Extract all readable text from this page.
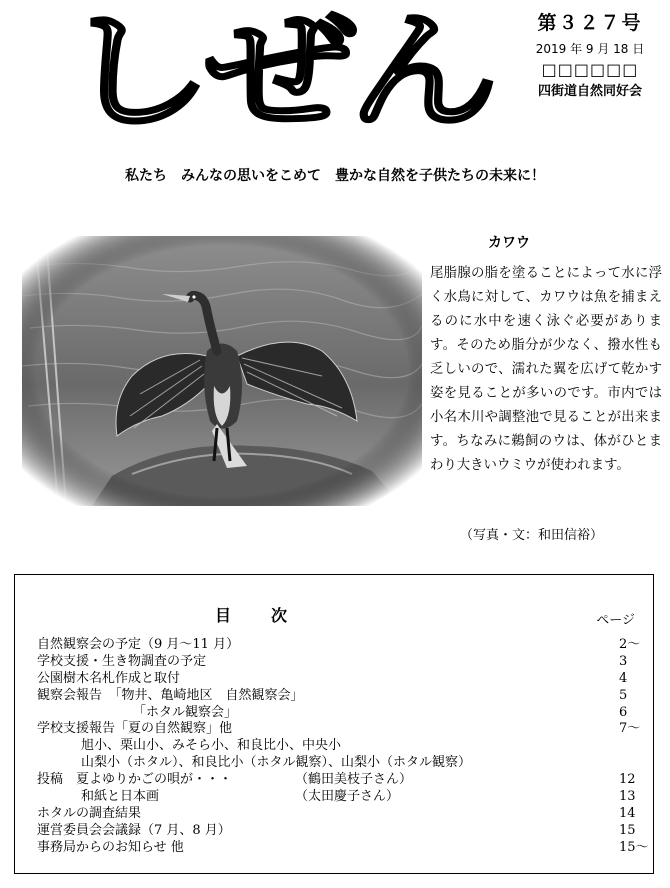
しぜん	第３２７号
2019 年 9 月 18 日
□□□□□□
四街道自然同好会
私たち　みんなの思いをこめて　豊かな自然を子供たちの未来に！
カワウ
尾脂腺の脂を塗ることによって水に浮く水鳥に対して、カワウは魚を捕まえるのに水中を速く泳ぐ必要があります。そのため脂分が少なく、撥水性も乏しいので、濡れた翼を広げて乾かす姿を見ることが多いのです。市内では小名木川や調整池で見ることが出来ます。ちなみに鵜飼のウは、体がひとまわり大きいウミウが使われます。
（写真・文：和田信裕）
目　次	ページ
自然観察会の予定（9 月〜11 月）	2〜
学校支援・生き物調査の予定	3
公園樹木名札作成と取付	4
観察会報告　「物井、亀崎地区　自然観察会」	5
「ホタル観察会」	6
学校支援報告「夏の自然観察」他	7〜
旭小、栗山小、みそら小、和良比小、中央小
山梨小（ホタル）、和良比小（ホタル観察）、山梨小（ホタル観察）
投稿　夏よゆりかごの唄が・・・	（鶴田美枝子さん）	12
和紙と日本画	（太田慶子さん）	13
ホタルの調査結果	14
運営委員会会議録（7 月、8 月）	15
事務局からのお知らせ 他	15〜
